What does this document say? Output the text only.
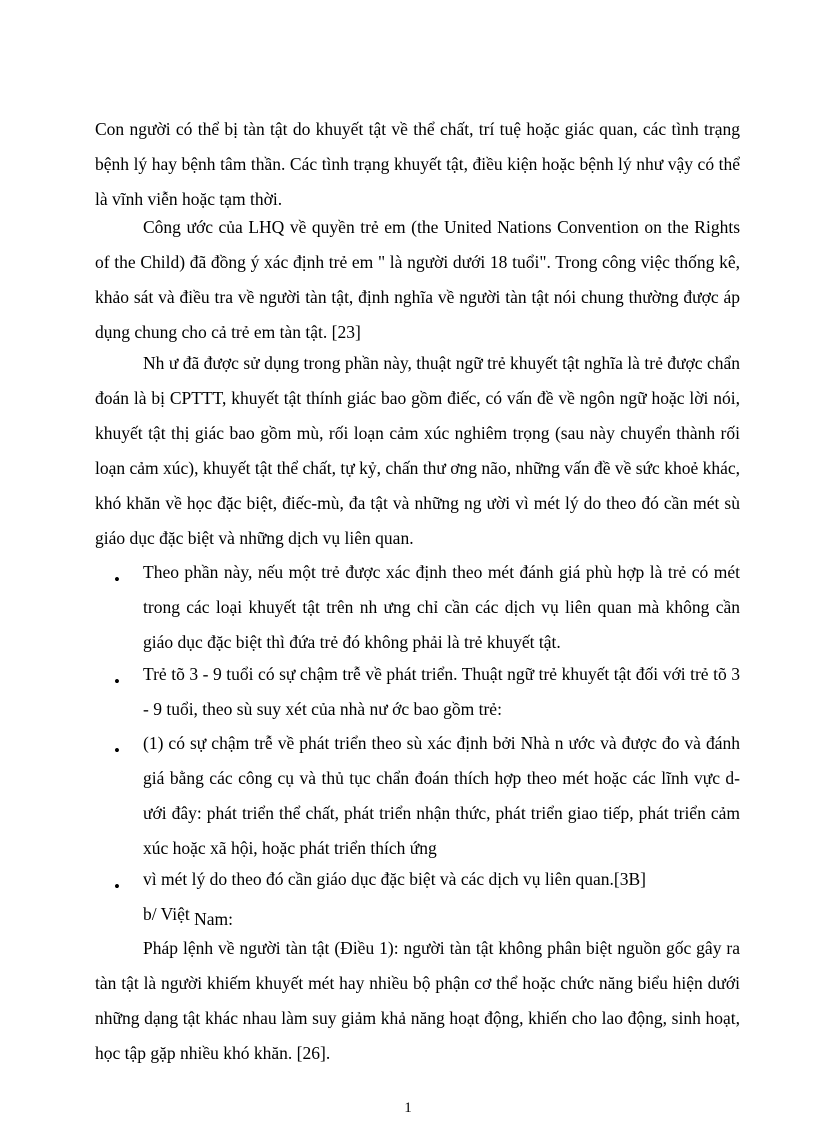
Con người có thể bị tàn tật do khuyết tật về thể chất, trí tuệ hoặc giác quan, các tình trạng bệnh lý hay bệnh tâm thần. Các tình trạng khuyết tật, điều kiện hoặc bệnh lý như vậy có thể là vĩnh viễn hoặc tạm thời.

Công ước của LHQ về quyền trẻ em (the United Nations Convention on the Rights of the Child) đã đồng ý xác định trẻ em " là người dưới 18 tuổi". Trong công việc thống kê, khảo sát và điều tra về người tàn tật, định nghĩa về người tàn tật nói chung thường được áp dụng chung cho cả trẻ em tàn tật. [23]

Nh ư đã được sử dụng trong phần này, thuật ngữ trẻ khuyết tật nghĩa là trẻ được chẩn đoán là bị CPTTT, khuyết tật thính giác bao gồm điếc, có vấn đề về ngôn ngữ hoặc lời nói, khuyết tật thị giác bao gồm mù, rối loạn cảm xúc nghiêm trọng (sau này chuyển thành rối loạn cảm xúc), khuyết tật thể chất, tự kỷ, chấn thư ơng não, những vấn đề về sức khoẻ khác, khó khăn về học đặc biệt, điếc-mù, đa tật và những ng ười vì mét lý do theo đó cần mét sù giáo dục đặc biệt và những dịch vụ liên quan.

• Theo phần này, nếu một trẻ được xác định theo mét đánh giá phù hợp là trẻ có mét trong các loại khuyết tật trên nh ưng chỉ cần các dịch vụ liên quan mà không cần giáo dục đặc biệt thì đứa trẻ đó không phải là trẻ khuyết tật.

• Trẻ tõ 3 - 9 tuổi có sự chậm trễ về phát triển. Thuật ngữ trẻ khuyết tật đối với trẻ tõ 3 - 9 tuổi, theo sù suy xét của nhà nư ớc bao gồm trẻ:

• (1) có sự chậm trễ về phát triển theo sù xác định bởi Nhà n ước và được đo và đánh giá bằng các công cụ và thủ tục chẩn đoán thích hợp theo mét hoặc các lĩnh vực d ưới đây: phát triển thể chất, phát triển nhận thức, phát triển giao tiếp, phát triển cảm xúc hoặc xã hội, hoặc phát triển thích ứng

• vì mét lý do theo đó cần giáo dục đặc biệt và các dịch vụ liên quan.[3B]

b/ Việt Nam:

Pháp lệnh về người tàn tật (Điều 1): người tàn tật không phân biệt nguồn gốc gây ra tàn tật là người khiếm khuyết mét hay nhiều bộ phận cơ thể hoặc chức năng biểu hiện dưới những dạng tật khác nhau làm suy giảm khả năng hoạt động, khiến cho lao động, sinh hoạt, học tập gặp nhiều khó khăn. [26].

1
